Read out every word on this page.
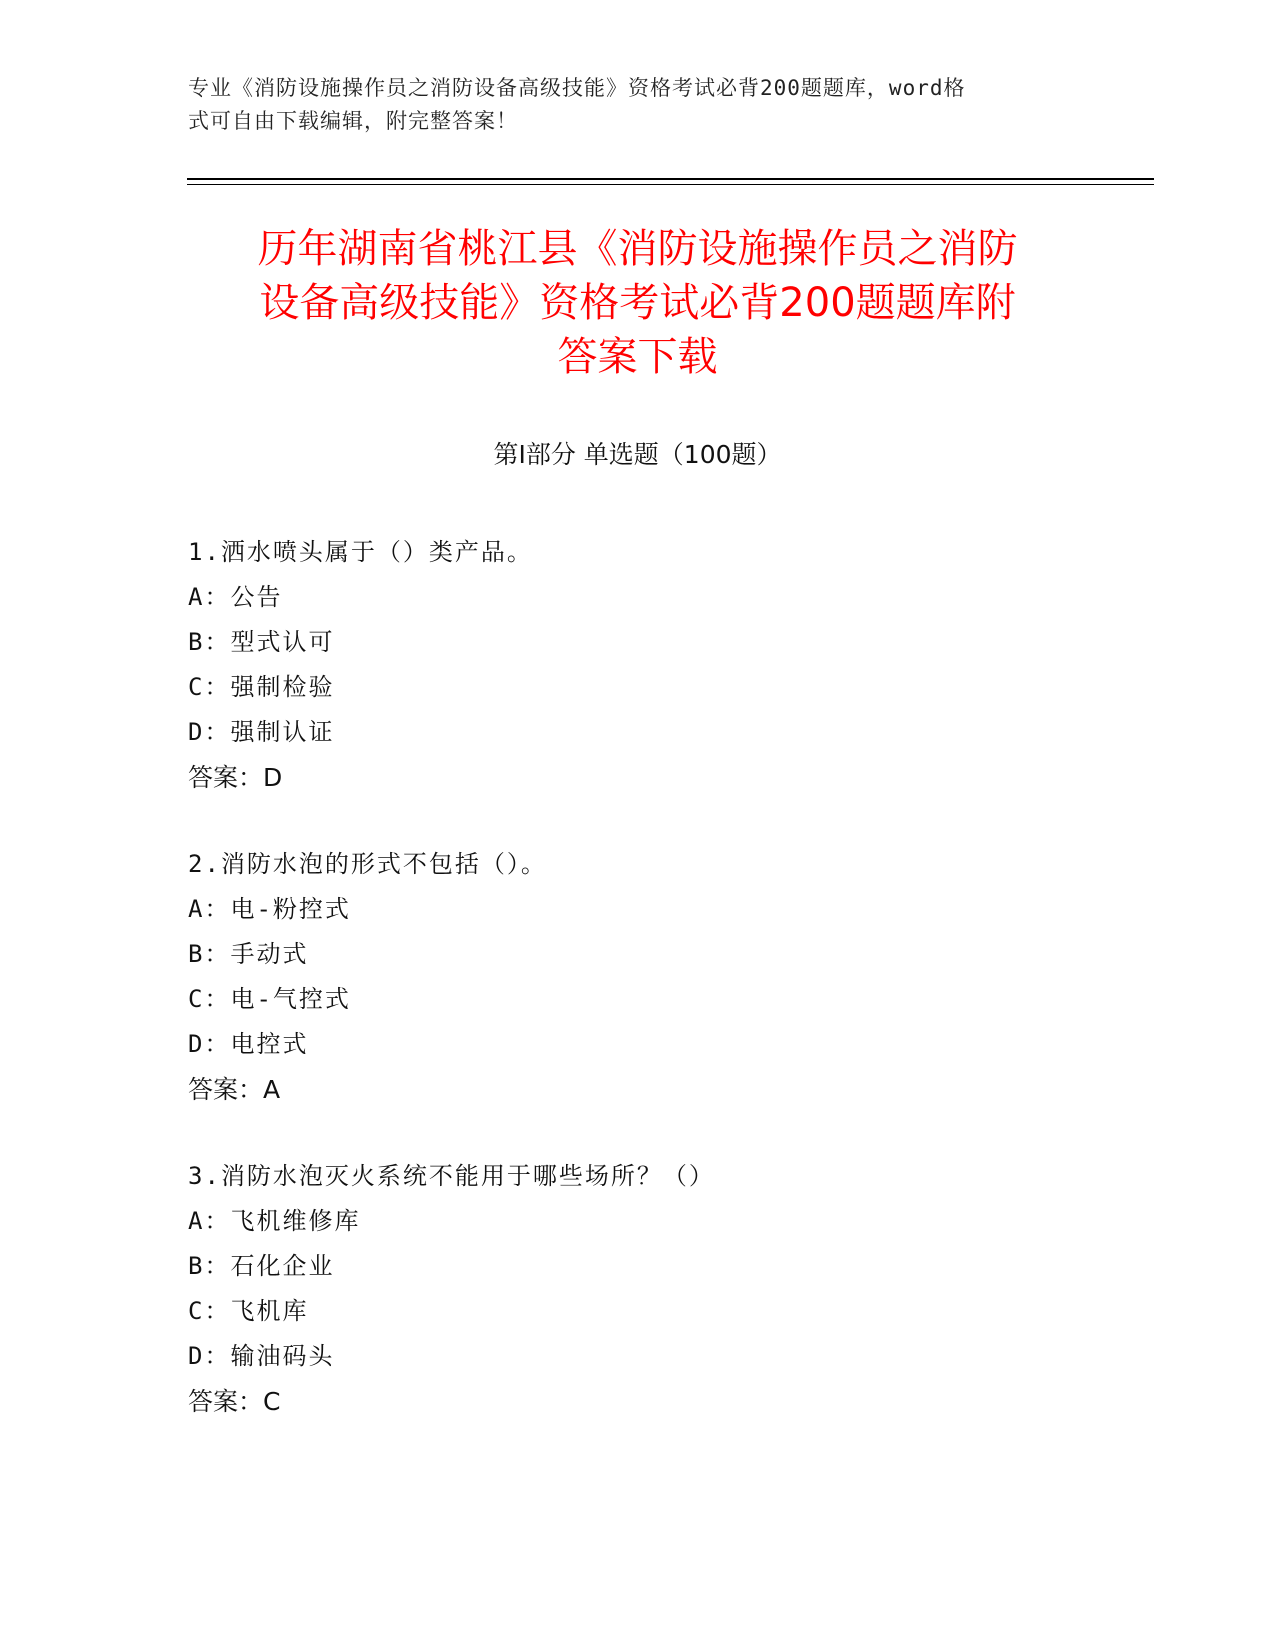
专业《消防设施操作员之消防设备高级技能》资格考试必背200题题库，word格
式可自由下载编辑，附完整答案！
历年湖南省桃江县《消防设施操作员之消防
设备高级技能》资格考试必背200题题库附
答案下载
第Ⅰ部分 单选题（100题）
1.洒水喷头属于（）类产品。
A：公告
B：型式认可
C：强制检验
D：强制认证
答案：D
2.消防水泡的形式不包括（）。
A：电-粉控式
B：手动式
C：电-气控式
D：电控式
答案：A
3.消防水泡灭火系统不能用于哪些场所？（）
A：飞机维修库
B：石化企业
C：飞机库
D：输油码头
答案：C
